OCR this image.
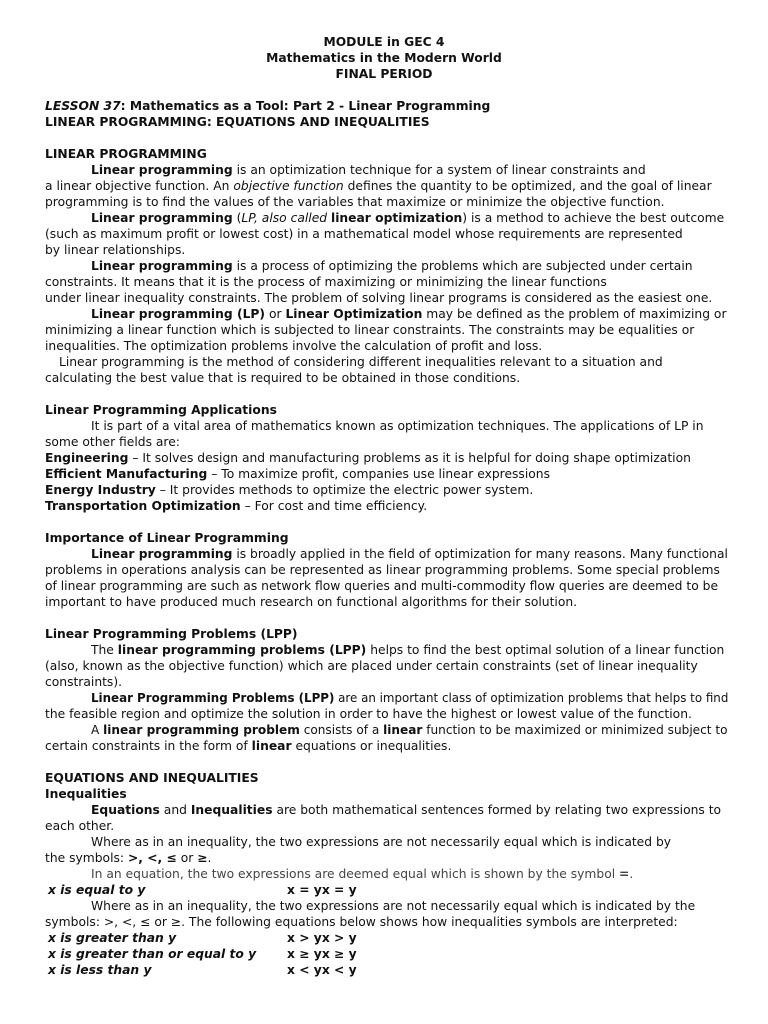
MODULE in GEC 4
Mathematics in the Modern World
FINAL PERIOD
LESSON 37: Mathematics as a Tool: Part 2 - Linear Programming
LINEAR PROGRAMMING: EQUATIONS AND INEQUALITIES
LINEAR PROGRAMMING
Linear programming is an optimization technique for a system of linear constraints and
a linear objective function. An objective function defines the quantity to be optimized, and the goal of linear
programming is to find the values of the variables that maximize or minimize the objective function.
Linear programming (LP, also called linear optimization) is a method to achieve the best outcome
(such as maximum profit or lowest cost) in a mathematical model whose requirements are represented
by linear relationships.
Linear programming is a process of optimizing the problems which are subjected under certain
constraints. It means that it is the process of maximizing or minimizing the linear functions
under linear inequality constraints. The problem of solving linear programs is considered as the easiest one.
Linear programming (LP) or Linear Optimization may be defined as the problem of maximizing or
minimizing a linear function which is subjected to linear constraints. The constraints may be equalities or
inequalities. The optimization problems involve the calculation of profit and loss.
Linear programming is the method of considering different inequalities relevant to a situation and
calculating the best value that is required to be obtained in those conditions.
Linear Programming Applications
It is part of a vital area of mathematics known as optimization techniques. The applications of LP in
some other fields are:
Engineering – It solves design and manufacturing problems as it is helpful for doing shape optimization
Efficient Manufacturing – To maximize profit, companies use linear expressions
Energy Industry – It provides methods to optimize the electric power system.
Transportation Optimization – For cost and time efficiency.
Importance of Linear Programming
Linear programming is broadly applied in the field of optimization for many reasons. Many functional
problems in operations analysis can be represented as linear programming problems. Some special problems
of linear programming are such as network flow queries and multi-commodity flow queries are deemed to be
important to have produced much research on functional algorithms for their solution.
Linear Programming Problems (LPP)
The linear programming problems (LPP) helps to find the best optimal solution of a linear function
(also, known as the objective function) which are placed under certain constraints (set of linear inequality
constraints).
Linear Programming Problems (LPP) are an important class of optimization problems that helps to find
the feasible region and optimize the solution in order to have the highest or lowest value of the function.
A linear programming problem consists of a linear function to be maximized or minimized subject to
certain constraints in the form of linear equations or inequalities.
EQUATIONS AND INEQUALITIES
Inequalities
Equations and Inequalities are both mathematical sentences formed by relating two expressions to
each other.
Where as in an inequality, the two expressions are not necessarily equal which is indicated by
the symbols: >, <, ≤ or ≥.
In an equation, the two expressions are deemed equal which is shown by the symbol =.
x is equal to y	x = yx = y
Where as in an inequality, the two expressions are not necessarily equal which is indicated by the
symbols: >, <, ≤ or ≥. The following equations below shows how inequalities symbols are interpreted:
x is greater than y	x > yx > y
x is greater than or equal to y	x ≥ yx ≥ y
x is less than y	x < yx < y
